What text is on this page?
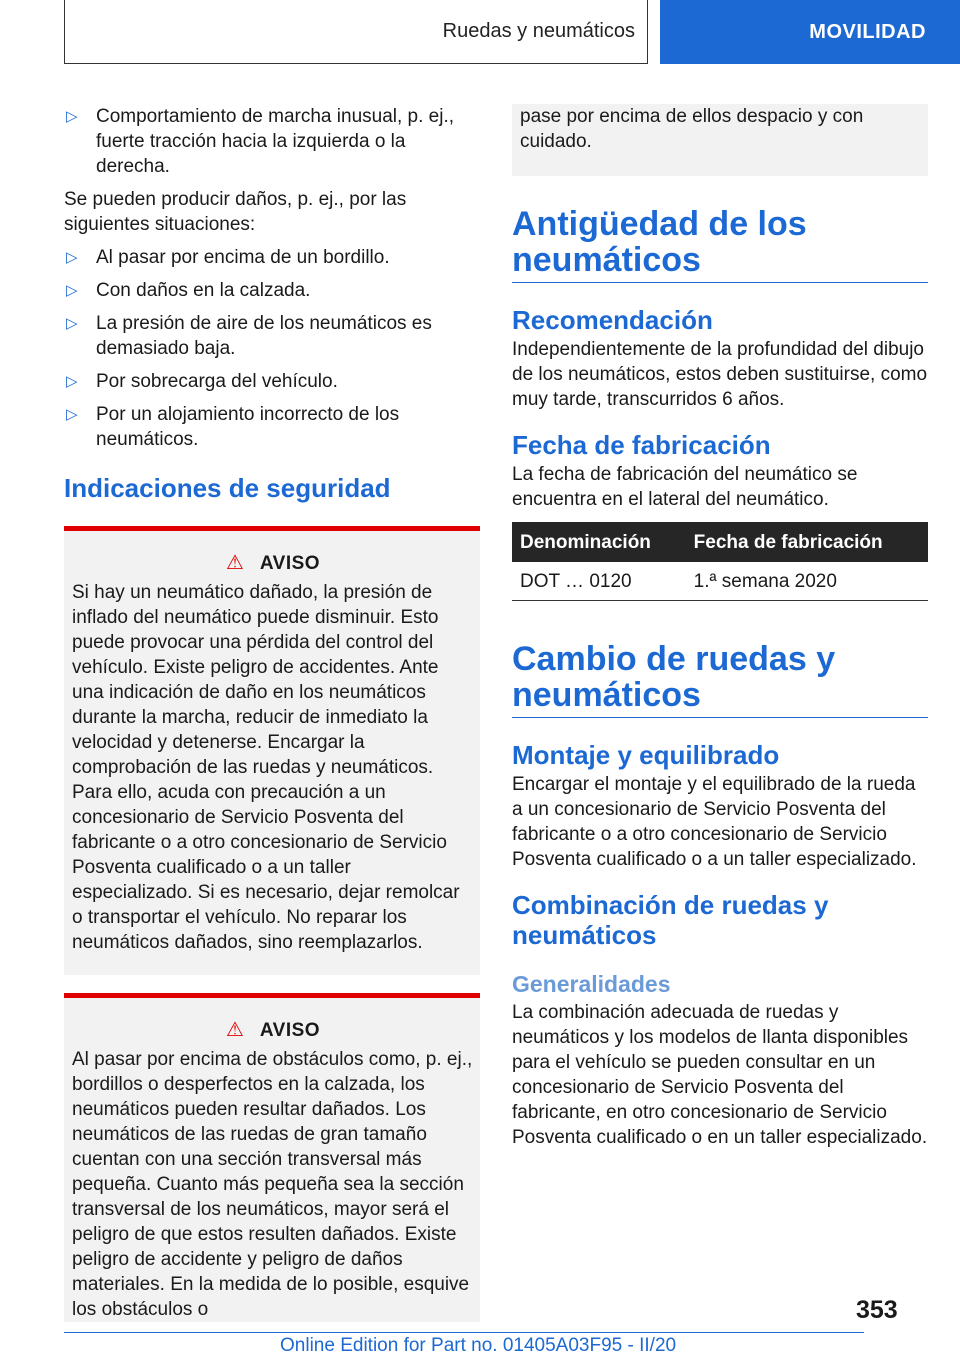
Ruedas y neumáticos	MOVILIDAD
▷ Comportamiento de marcha inusual, p. ej., fuerte tracción hacia la izquierda o la derecha.

Se pueden producir daños, p. ej., por las siguientes situaciones:

▷ Al pasar por encima de un bordillo.
▷ Con daños en la calzada.
▷ La presión de aire de los neumáticos es demasiado baja.
▷ Por sobrecarga del vehículo.
▷ Por un alojamiento incorrecto de los neumáticos.
Indicaciones de seguridad
⚠ AVISO
Si hay un neumático dañado, la presión de inflado del neumático puede disminuir. Esto puede provocar una pérdida del control del vehículo. Existe peligro de accidentes. Ante una indicación de daño en los neumáticos durante la marcha, reducir de inmediato la velocidad y detenerse. Encargar la comprobación de las ruedas y neumáticos. Para ello, acuda con precaución a un concesionario de Servicio Posventa del fabricante o a otro concesionario de Servicio Posventa cualificado o a un taller especializado. Si es necesario, dejar remolcar o transportar el vehículo. No reparar los neumáticos dañados, sino reemplazarlos.
⚠ AVISO
Al pasar por encima de obstáculos como, p. ej., bordillos o desperfectos en la calzada, los neumáticos pueden resultar dañados. Los neumáticos de las ruedas de gran tamaño cuentan con una sección transversal más pequeña. Cuanto más pequeña sea la sección transversal de los neumáticos, mayor será el peligro de que estos resulten dañados. Existe peligro de accidente y peligro de daños materiales. En la medida de lo posible, esquive los obstáculos o
pase por encima de ellos despacio y con cuidado.
Antigüedad de los neumáticos
Recomendación

Independientemente de la profundidad del dibujo de los neumáticos, estos deben sustituirse, como muy tarde, transcurridos 6 años.

Fecha de fabricación

La fecha de fabricación del neumático se encuentra en el lateral del neumático.

Denominación	Fecha de fabricación
DOT … 0120	1.ª semana 2020
Cambio de ruedas y neumáticos
Montaje y equilibrado

Encargar el montaje y el equilibrado de la rueda a un concesionario de Servicio Posventa del fabricante o a otro concesionario de Servicio Posventa cualificado o a un taller especializado.

Combinación de ruedas y neumáticos
Generalidades

La combinación adecuada de ruedas y neumáticos y los modelos de llanta disponibles para el vehículo se pueden consultar en un concesionario de Servicio Posventa del fabricante, en otro concesionario de Servicio Posventa cualificado o en un taller especializado.

353
Online Edition for Part no. 01405A03F95 - II/20
